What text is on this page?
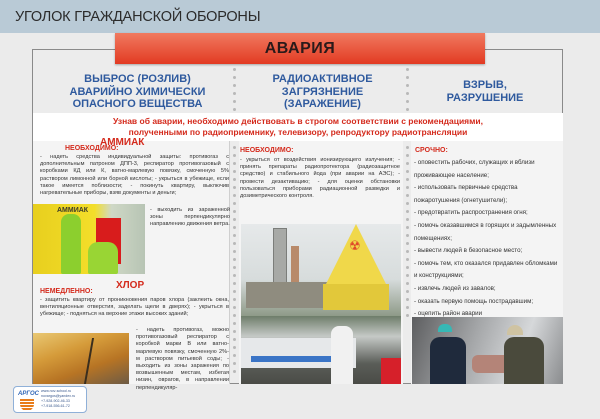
УГОЛОК ГРАЖДАНСКОЙ ОБОРОНЫ
АВАРИЯ
ВЫБРОС (РОЗЛИВ)
АВАРИЙНО ХИМИЧЕСКИ
ОПАСНОГО ВЕЩЕСТВА
РАДИОАКТИВНОЕ
ЗАГРЯЗНЕНИЕ
(ЗАРАЖЕНИЕ)
ВЗРЫВ,
РАЗРУШЕНИЕ
Узнав об аварии, необходимо действовать в строгом соответствии с рекомендациями,
полученными по радиоприемнику, телевизору, репродуктору радиотрансляции
АММИАК
НЕОБХОДИМО:
- надеть средства индивидуальной защиты: противогаз с дополнительным патроном ДПП-3, респиратор противогазовый с коробками КД или К, ватно-марлевую повязку, смоченную 5% раствором лимонной или борной кислоты; - укрыться в убежище, если такое имеется поблизости; - покинуть квартиру, выключив нагревательные приборы, взяв документы и деньги;
АММИАК	- выходить из зараженной зоны перпендикулярно направлению движения ветра.
ХЛОР
НЕМЕДЛЕННО:
- защитить квартиру от проникновения паров хлора (заклеить окна, вентиляционные отверстия, заделать щели в дверях); - укрыться в убежище; - подняться на верхние этажи высоких зданий;
- надеть противогаз, можно противогазовый респиратор с коробкой марки В или ватно-марлевую повязку, смоченную 2%-м раствором питьевой соды; - выходить из зоны заражения по возвышенным местам, избегая низин, оврагов, в направлении перпендикуляр-
НЕОБХОДИМО:
- укрыться от воздействия ионизирующего излучения; - принять препараты радиопротектора (радиозащитное средство) и стабильного йода (при аварии на АЭС); - провести дезактивацию; - для оценки обстановки пользоваться приборами радиационной разведки и дозиметрического контроля.
☢
СРОЧНО:
- оповестить рабочих, служащих и вблизи проживающее население;
- использовать первичные средства пожаротушения (огнетушители);
- предотвратить распространения огня;
- помочь оказавшимся в горящих и задымленных помещениях;
- вывести людей в безопасное место;
- помочь тем, кто оказался придавлен обломками и конструкциями;
- извлечь людей из завалов;
- оказать первую помощь пострадавшим;
- оцепить район аварии
АРГОС www.nov-school.ru
novargos@yandex.ru
+7-928-902-46-33
+7-918-556-61-72
